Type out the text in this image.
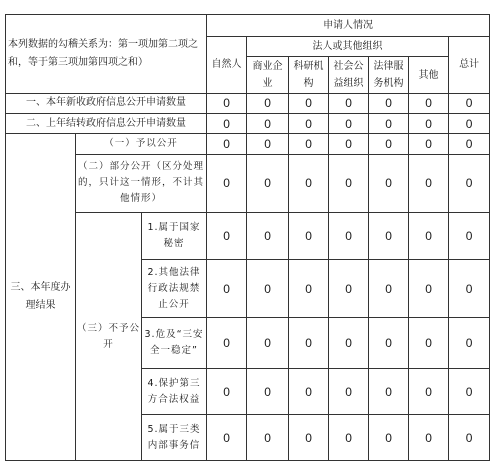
本列数据的勾稽关系为：第一项加第二项之和，等于第三项加第四项之和）			申请人情况						
			自然人	法人或其他组织					总计
				商业企业	科研机构	社会公益组织	法律服务机构	其他	
一、本年新收政府信息公开申请数量			0	0	0	0	0	0	0
二、上年结转政府信息公开申请数量			0	0	0	0	0	0	0
三、本年度办理结果	（一）予以公开		0	0	0	0	0	0	0
	（二）部分公开（区分处理的，只计这一情形，不计其他情形）		0	0	0	0	0	0	0
	（三）不予公开	1.属于国家秘密	0	0	0	0	0	0	0
		2.其他法律行政法规禁止公开	0	0	0	0	0	0	0
		3.危及“三安全一稳定”	0	0	0	0	0	0	0
		4.保护第三方合法权益	0	0	0	0	0	0	0
		5.属于三类内部事务信	0	0	0	0	0	0	0
